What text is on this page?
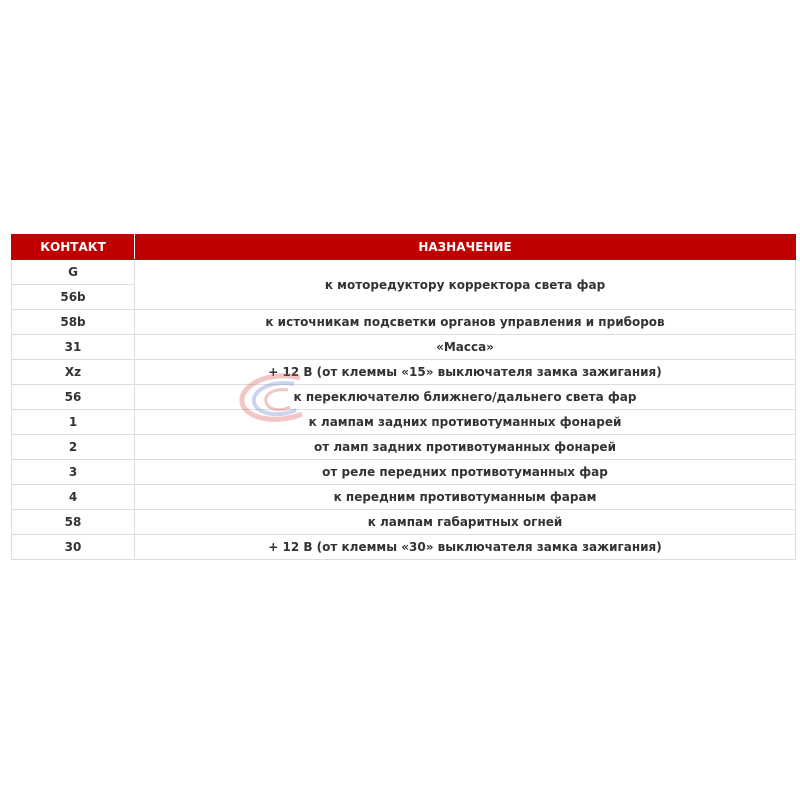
КОНТАКТ	НАЗНАЧЕНИЕ
G	к моторедуктору корректора света фар
56b	
58b	к источникам подсветки органов управления и приборов
31	«Масса»
Xz	+ 12 В (от клеммы «15» выключателя замка зажигания)
56	к переключателю ближнего/дальнего света фар
1	к лампам задних противотуманных фонарей
2	от ламп задних противотуманных фонарей
3	от реле передних противотуманных фар
4	к передним противотуманным фарам
58	к лампам габаритных огней
30	+ 12 В (от клеммы «30» выключателя замка зажигания)
